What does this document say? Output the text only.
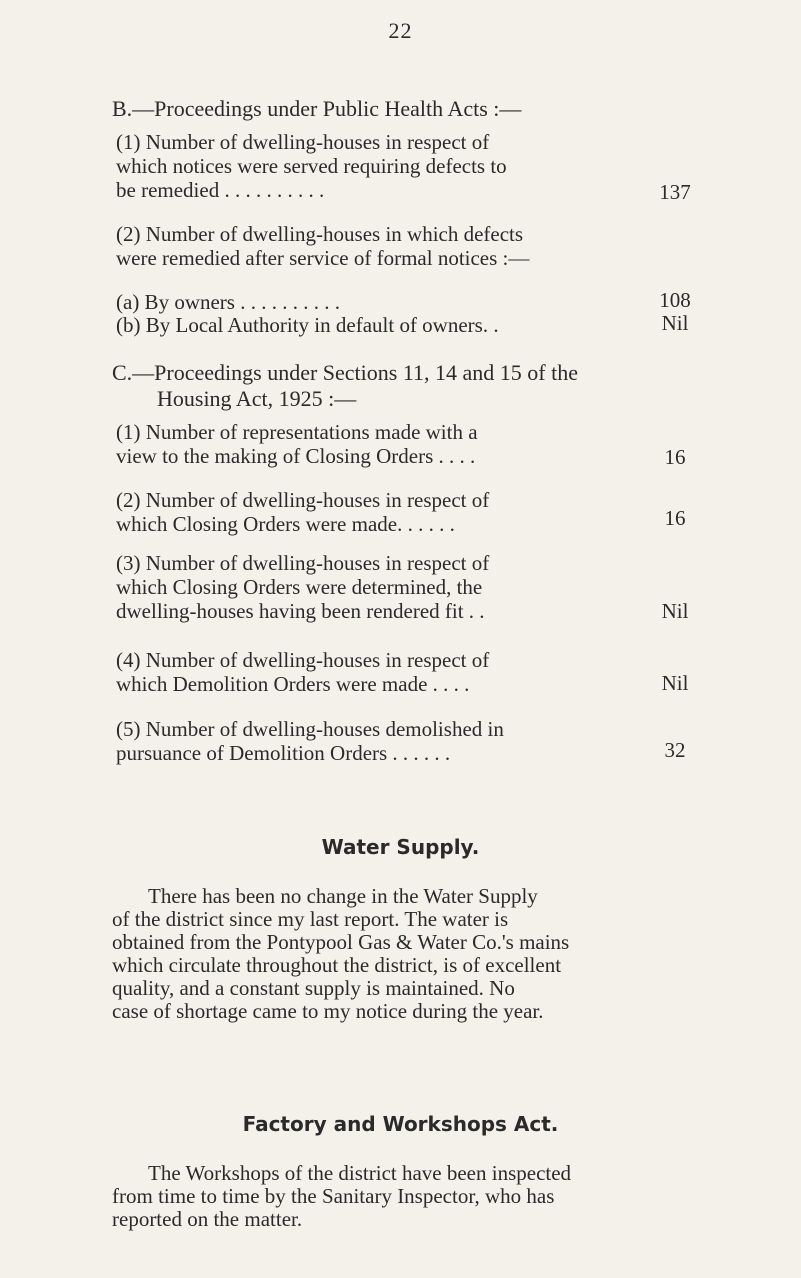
22
B.—Proceedings under Public Health Acts :—
(1) Number of dwelling-houses in respect of
which notices were served requiring defects to
be remedied . . . . . . . . . .	137
(2) Number of dwelling-houses in which defects
were remedied after service of formal notices :—
(a) By owners . . . . . . . . . .	108
(b) By Local Authority in default of owners. .	Nil
C.—Proceedings under Sections 11, 14 and 15 of the
Housing Act, 1925 :—
(1) Number of representations made with a
view to the making of Closing Orders . . . .	16
(2) Number of dwelling-houses in respect of
which Closing Orders were made. . . . . .	16
(3) Number of dwelling-houses in respect of
which Closing Orders were determined, the
dwelling-houses having been rendered fit . .	Nil
(4) Number of dwelling-houses in respect of
which Demolition Orders were made . . . .	Nil
(5) Number of dwelling-houses demolished in
pursuance of Demolition Orders . . . . . .	32
Water Supply.
There has been no change in the Water Supply
of the district since my last report. The water is
obtained from the Pontypool Gas & Water Co.'s mains
which circulate throughout the district, is of excellent
quality, and a constant supply is maintained. No
case of shortage came to my notice during the year.
Factory and Workshops Act.
The Workshops of the district have been inspected
from time to time by the Sanitary Inspector, who has
reported on the matter.
